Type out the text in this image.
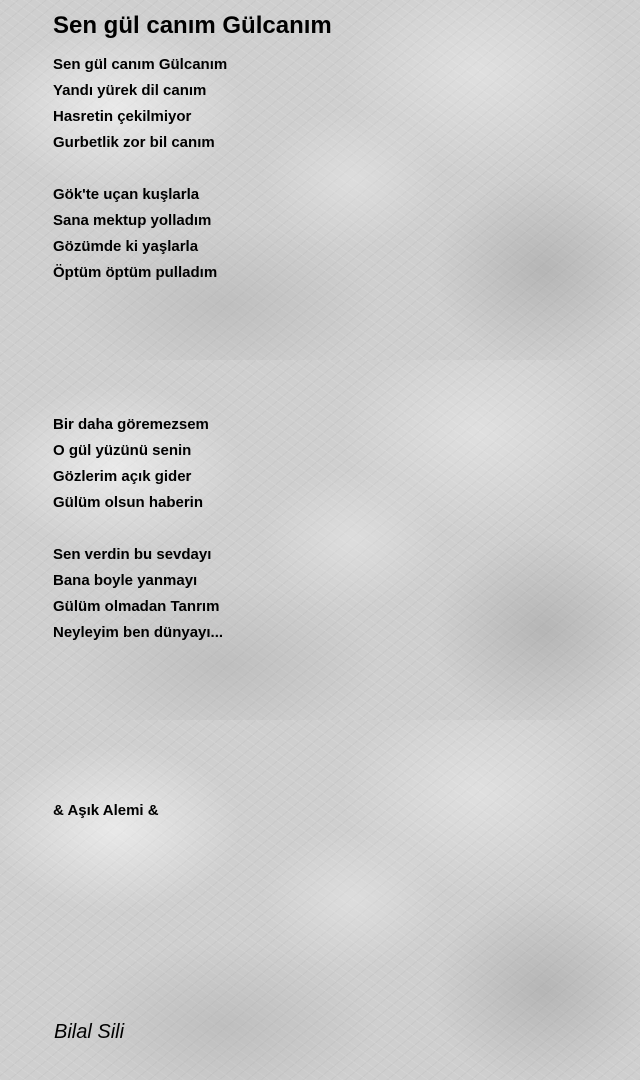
Sen gül canım Gülcanım
Sen gül canım Gülcanım
Yandı yürek dil canım
Hasretin çekilmiyor
Gurbetlik zor bil canım
Gök'te uçan kuşlarla
Sana mektup yolladım
Gözümde ki yaşlarla
Öptüm öptüm pulladım
Bir daha göremezsem
O gül yüzünü senin
Gözlerim açık gider
Gülüm olsun haberin
Sen verdin bu sevdayı
Bana boyle yanmayı
Gülüm olmadan Tanrım
Neyleyim ben dünyayı...
& Aşık Alemi &
Bilal Sili
